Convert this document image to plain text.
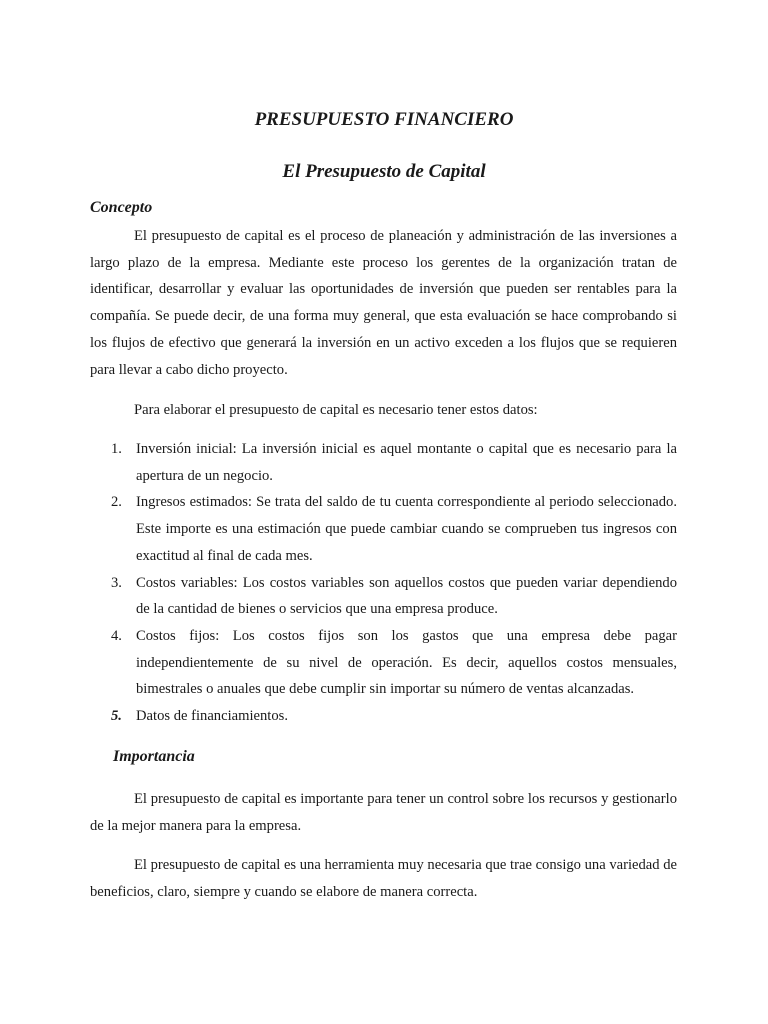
PRESUPUESTO FINANCIERO
El Presupuesto de Capital
Concepto

El presupuesto de capital es el proceso de planeación y administración de las inversiones a largo plazo de la empresa. Mediante este proceso los gerentes de la organización tratan de identificar, desarrollar y evaluar las oportunidades de inversión que pueden ser rentables para la compañía. Se puede decir, de una forma muy general, que esta evaluación se hace comprobando si los flujos de efectivo que generará la inversión en un activo exceden a los flujos que se requieren para llevar a cabo dicho proyecto.

Para elaborar el presupuesto de capital es necesario tener estos datos:

1. Inversión inicial: La inversión inicial es aquel montante o capital que es necesario para la apertura de un negocio.
2. Ingresos estimados: Se trata del saldo de tu cuenta correspondiente al periodo seleccionado. Este importe es una estimación que puede cambiar cuando se comprueben tus ingresos con exactitud al final de cada mes.
3. Costos variables: Los costos variables son aquellos costos que pueden variar dependiendo de la cantidad de bienes o servicios que una empresa produce.
4. Costos fijos: Los costos fijos son los gastos que una empresa debe pagar independientemente de su nivel de operación. Es decir, aquellos costos mensuales, bimestrales o anuales que debe cumplir sin importar su número de ventas alcanzadas.
5. Datos de financiamientos.
Importancia

El presupuesto de capital es importante para tener un control sobre los recursos y gestionarlo de la mejor manera para la empresa.

El presupuesto de capital es una herramienta muy necesaria que trae consigo una variedad de beneficios, claro, siempre y cuando se elabore de manera correcta.
